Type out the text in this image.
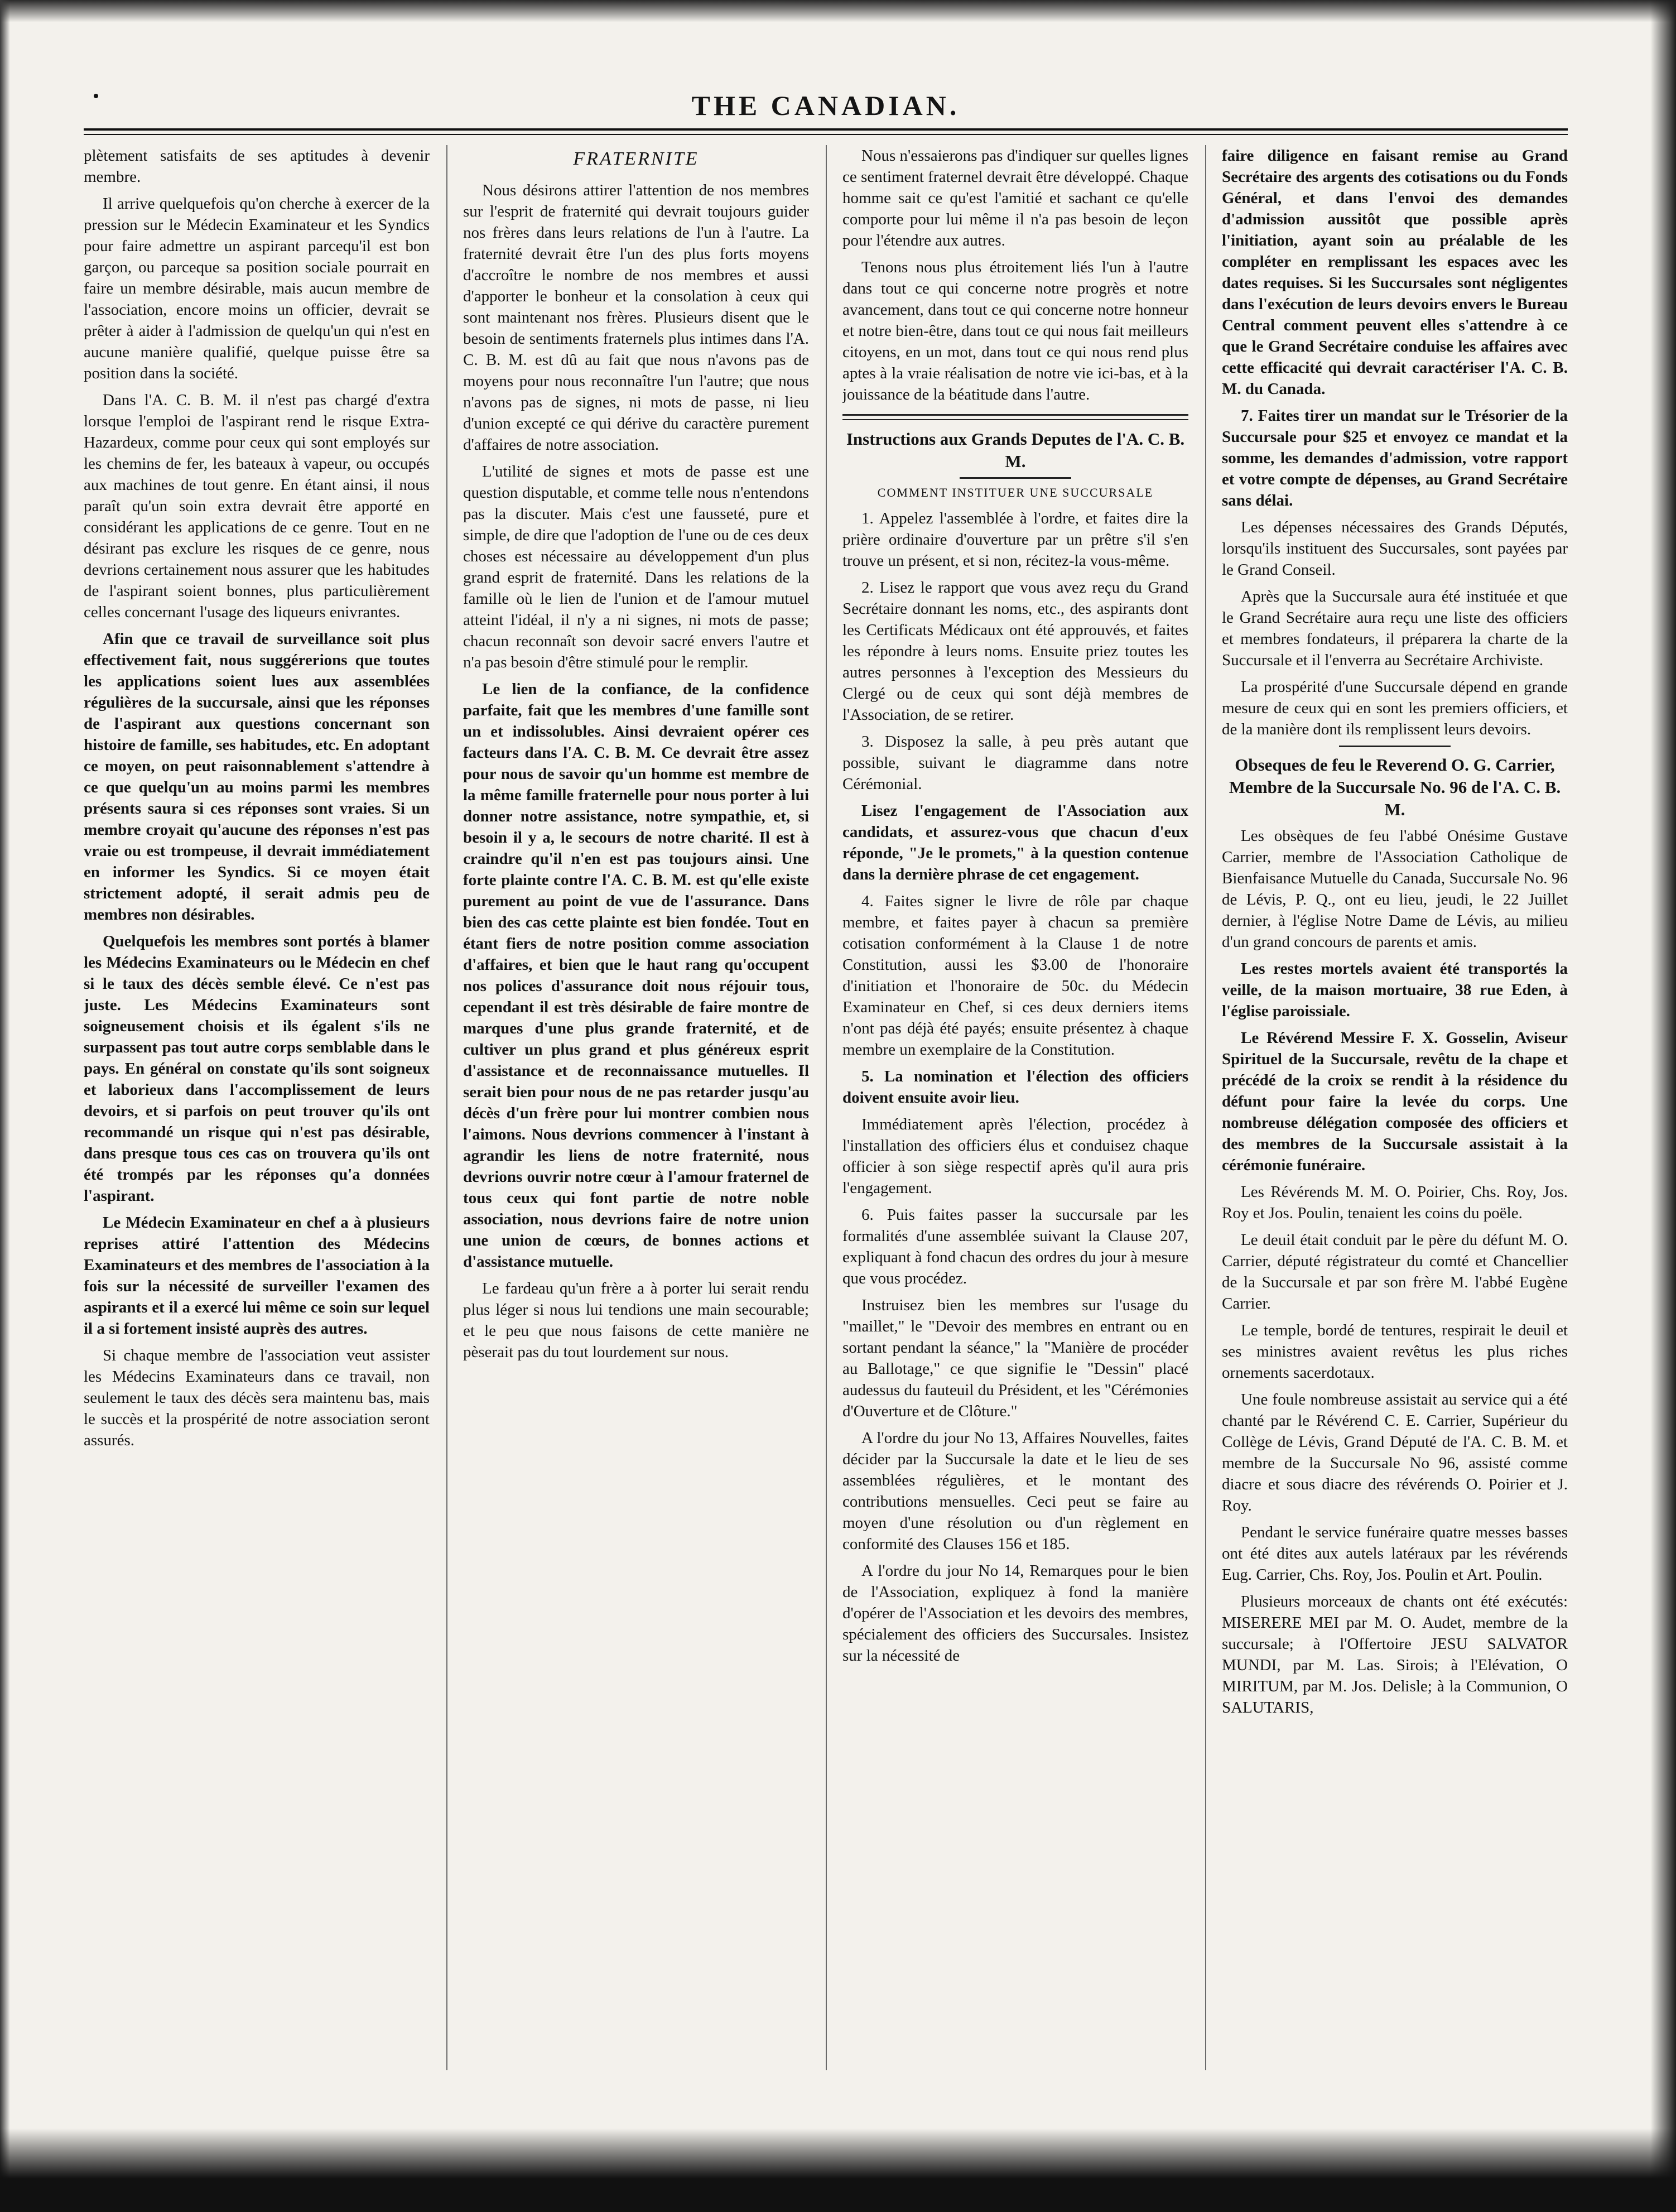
THE CANADIAN.

plètement satisfaits de ses aptitudes à devenir membre.

Il arrive quelquefois qu'on cherche à exercer de la pression sur le Médecin Examinateur et les Syndics pour faire admettre un aspirant parcequ'il est bon garçon, ou parceque sa position sociale pourrait en faire un membre désirable, mais aucun membre de l'association, encore moins un officier, devrait se prêter à aider à l'admission de quelqu'un qui n'est en aucune manière qualifié, quelque puisse être sa position dans la société.

Dans l'A. C. B. M. il n'est pas chargé d'extra lorsque l'emploi de l'aspirant rend le risque Extra-Hazardeux, comme pour ceux qui sont employés sur les chemins de fer, les bateaux à vapeur, ou occupés aux machines de tout genre. En étant ainsi, il nous paraît qu'un soin extra devrait être apporté en considérant les applications de ce genre. Tout en ne désirant pas exclure les risques de ce genre, nous devrions certainement nous assurer que les habitudes de l'aspirant soient bonnes, plus particulièrement celles concernant l'usage des liqueurs enivrantes.

Afin que ce travail de surveillance soit plus effectivement fait, nous suggérerions que toutes les applications soient lues aux assemblées régulières de la succursale, ainsi que les réponses de l'aspirant aux questions concernant son histoire de famille, ses habitudes, etc. En adoptant ce moyen, on peut raisonnablement s'attendre à ce que quelqu'un au moins parmi les membres présents saura si ces réponses sont vraies. Si un membre croyait qu'aucune des réponses n'est pas vraie ou est trompeuse, il devrait immédiatement en informer les Syndics. Si ce moyen était strictement adopté, il serait admis peu de membres non désirables.

Quelquefois les membres sont portés à blamer les Médecins Examinateurs ou le Médecin en chef si le taux des décès semble élevé. Ce n'est pas juste. Les Médecins Examinateurs sont soigneusement choisis et ils égalent s'ils ne surpassent pas tout autre corps semblable dans le pays. En général on constate qu'ils sont soigneux et laborieux dans l'accomplissement de leurs devoirs, et si parfois on peut trouver qu'ils ont recommandé un risque qui n'est pas désirable, dans presque tous ces cas on trouvera qu'ils ont été trompés par les réponses qu'a données l'aspirant.

Le Médecin Examinateur en chef a à plusieurs reprises attiré l'attention des Médecins Examinateurs et des membres de l'association à la fois sur la nécessité de surveiller l'examen des aspirants et il a exercé lui même ce soin sur lequel il a si fortement insisté auprès des autres.

Si chaque membre de l'association veut assister les Médecins Examinateurs dans ce travail, non seulement le taux des décès sera maintenu bas, mais le succès et la prospérité de notre association seront assurés.

FRATERNITE

Nous désirons attirer l'attention de nos membres sur l'esprit de fraternité qui devrait toujours guider nos frères dans leurs relations de l'un à l'autre. La fraternité devrait être l'un des plus forts moyens d'accroître le nombre de nos membres et aussi d'apporter le bonheur et la consolation à ceux qui sont maintenant nos frères. Plusieurs disent que le besoin de sentiments fraternels plus intimes dans l'A. C. B. M. est dû au fait que nous n'avons pas de moyens pour nous reconnaître l'un l'autre; que nous n'avons pas de signes, ni mots de passe, ni lieu d'union excepté ce qui dérive du caractère purement d'affaires de notre association.

L'utilité de signes et mots de passe est une question disputable, et comme telle nous n'entendons pas la discuter. Mais c'est une fausseté, pure et simple, de dire que l'adoption de l'une ou de ces deux choses est nécessaire au développement d'un plus grand esprit de fraternité. Dans les relations de la famille où le lien de l'union et de l'amour mutuel atteint l'idéal, il n'y a ni signes, ni mots de passe; chacun reconnaît son devoir sacré envers l'autre et n'a pas besoin d'être stimulé pour le remplir.

Le lien de la confiance, de la confidence parfaite, fait que les membres d'une famille sont un et indissolubles. Ainsi devraient opérer ces facteurs dans l'A. C. B. M. Ce devrait être assez pour nous de savoir qu'un homme est membre de la même famille fraternelle pour nous porter à lui donner notre assistance, notre sympathie, et, si besoin il y a, le secours de notre charité. Il est à craindre qu'il n'en est pas toujours ainsi. Une forte plainte contre l'A. C. B. M. est qu'elle existe purement au point de vue de l'assurance. Dans bien des cas cette plainte est bien fondée. Tout en étant fiers de notre position comme association d'affaires, et bien que le haut rang qu'occupent nos polices d'assurance doit nous réjouir tous, cependant il est très désirable de faire montre de marques d'une plus grande fraternité, et de cultiver un plus grand et plus généreux esprit d'assistance et de reconnaissance mutuelles. Il serait bien pour nous de ne pas retarder jusqu'au décès d'un frère pour lui montrer combien nous l'aimons. Nous devrions commencer à l'instant à agrandir les liens de notre fraternité, nous devrions ouvrir notre cœur à l'amour fraternel de tous ceux qui font partie de notre noble association, nous devrions faire de notre union une union de cœurs, de bonnes actions et d'assistance mutuelle.

Le fardeau qu'un frère a à porter lui serait rendu plus léger si nous lui tendions une main secourable; et le peu que nous faisons de cette manière ne pèserait pas du tout lourdement sur nous.

Nous n'essaierons pas d'indiquer sur quelles lignes ce sentiment fraternel devrait être développé. Chaque homme sait ce qu'est l'amitié et sachant ce qu'elle comporte pour lui même il n'a pas besoin de leçon pour l'étendre aux autres.

Tenons nous plus étroitement liés l'un à l'autre dans tout ce qui concerne notre progrès et notre avancement, dans tout ce qui concerne notre honneur et notre bien-être, dans tout ce qui nous fait meilleurs citoyens, en un mot, dans tout ce qui nous rend plus aptes à la vraie réalisation de notre vie ici-bas, et à la jouissance de la béatitude dans l'autre.

Instructions aux Grands Deputes de l'A. C. B. M.
COMMENT INSTITUER UNE SUCCURSALE

1. Appelez l'assemblée à l'ordre, et faites dire la prière ordinaire d'ouverture par un prêtre s'il s'en trouve un présent, et si non, récitez-la vous-même.

2. Lisez le rapport que vous avez reçu du Grand Secrétaire donnant les noms, etc., des aspirants dont les Certificats Médicaux ont été approuvés, et faites les répondre à leurs noms. Ensuite priez toutes les autres personnes à l'exception des Messieurs du Clergé ou de ceux qui sont déjà membres de l'Association, de se retirer.

3. Disposez la salle, à peu près autant que possible, suivant le diagramme dans notre Cérémonial.

Lisez l'engagement de l'Association aux candidats, et assurez-vous que chacun d'eux réponde, "Je le promets," à la question contenue dans la dernière phrase de cet engagement.

4. Faites signer le livre de rôle par chaque membre, et faites payer à chacun sa première cotisation conformément à la Clause 1 de notre Constitution, aussi les $3.00 de l'honoraire d'initiation et l'honoraire de 50c. du Médecin Examinateur en Chef, si ces deux derniers items n'ont pas déjà été payés; ensuite présentez à chaque membre un exemplaire de la Constitution.

5. La nomination et l'élection des officiers doivent ensuite avoir lieu.

Immédiatement après l'élection, procédez à l'installation des officiers élus et conduisez chaque officier à son siège respectif après qu'il aura pris l'engagement.

6. Puis faites passer la succursale par les formalités d'une assemblée suivant la Clause 207, expliquant à fond chacun des ordres du jour à mesure que vous procédez.

Instruisez bien les membres sur l'usage du "maillet," le "Devoir des membres en entrant ou en sortant pendant la séance," la "Manière de procéder au Ballotage," ce que signifie le "Dessin" placé audessus du fauteuil du Président, et les "Cérémonies d'Ouverture et de Clôture."

A l'ordre du jour No 13, Affaires Nouvelles, faites décider par la Succursale la date et le lieu de ses assemblées régulières, et le montant des contributions mensuelles. Ceci peut se faire au moyen d'une résolution ou d'un règlement en conformité des Clauses 156 et 185.

A l'ordre du jour No 14, Remarques pour le bien de l'Association, expliquez à fond la manière d'opérer de l'Association et les devoirs des membres, spécialement des officiers des Succursales. Insistez sur la nécessité de

faire diligence en faisant remise au Grand Secrétaire des argents des cotisations ou du Fonds Général, et dans l'envoi des demandes d'admission aussitôt que possible après l'initiation, ayant soin au préalable de les compléter en remplissant les espaces avec les dates requises. Si les Succursales sont négligentes dans l'exécution de leurs devoirs envers le Bureau Central comment peuvent elles s'attendre à ce que le Grand Secrétaire conduise les affaires avec cette efficacité qui devrait caractériser l'A. C. B. M. du Canada.

7. Faites tirer un mandat sur le Trésorier de la Succursale pour $25 et envoyez ce mandat et la somme, les demandes d'admission, votre rapport et votre compte de dépenses, au Grand Secrétaire sans délai.

Les dépenses nécessaires des Grands Députés, lorsqu'ils instituent des Succursales, sont payées par le Grand Conseil.

Après que la Succursale aura été instituée et que le Grand Secrétaire aura reçu une liste des officiers et membres fondateurs, il préparera la charte de la Succursale et il l'enverra au Secrétaire Archiviste.

La prospérité d'une Succursale dépend en grande mesure de ceux qui en sont les premiers officiers, et de la manière dont ils remplissent leurs devoirs.

Obseques de feu le Reverend O. G. Carrier, Membre de la Succursale No. 96 de l'A. C. B. M.

Les obsèques de feu l'abbé Onésime Gustave Carrier, membre de l'Association Catholique de Bienfaisance Mutuelle du Canada, Succursale No. 96 de Lévis, P. Q., ont eu lieu, jeudi, le 22 Juillet dernier, à l'église Notre Dame de Lévis, au milieu d'un grand concours de parents et amis.

Les restes mortels avaient été transportés la veille, de la maison mortuaire, 38 rue Eden, à l'église paroissiale.

Le Révérend Messire F. X. Gosselin, Aviseur Spirituel de la Succursale, revêtu de la chape et précédé de la croix se rendit à la résidence du défunt pour faire la levée du corps. Une nombreuse délégation composée des officiers et des membres de la Succursale assistait à la cérémonie funéraire.

Les Révérends M. M. O. Poirier, Chs. Roy, Jos. Roy et Jos. Poulin, tenaient les coins du poële.

Le deuil était conduit par le père du défunt M. O. Carrier, député régistrateur du comté et Chancellier de la Succursale et par son frère M. l'abbé Eugène Carrier.

Le temple, bordé de tentures, respirait le deuil et ses ministres avaient revêtus les plus riches ornements sacerdotaux.

Une foule nombreuse assistait au service qui a été chanté par le Révérend C. E. Carrier, Supérieur du Collège de Lévis, Grand Député de l'A. C. B. M. et membre de la Succursale No 96, assisté comme diacre et sous diacre des révérends O. Poirier et J. Roy.

Pendant le service funéraire quatre messes basses ont été dites aux autels latéraux par les révérends Eug. Carrier, Chs. Roy, Jos. Poulin et Art. Poulin.

Plusieurs morceaux de chants ont été exécutés: MISERERE MEI par M. O. Audet, membre de la succursale; à l'Offertoire JESU SALVATOR MUNDI, par M. Las. Sirois; à l'Elévation, O MIRITUM, par M. Jos. Delisle; à la Communion, O SALUTARIS,
